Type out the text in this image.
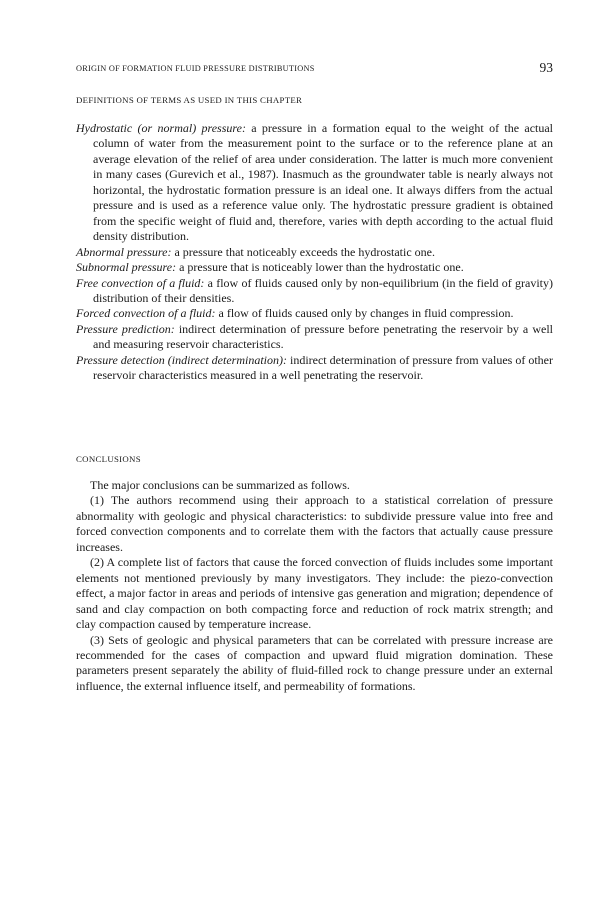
ORIGIN OF FORMATION FLUID PRESSURE DISTRIBUTIONS	93
DEFINITIONS OF TERMS AS USED IN THIS CHAPTER

Hydrostatic (or normal) pressure: a pressure in a formation equal to the weight of the actual column of water from the measurement point to the surface or to the reference plane at an average elevation of the relief of area under consideration. The latter is much more convenient in many cases (Gurevich et al., 1987). Inasmuch as the groundwater table is nearly always not horizontal, the hydrostatic formation pressure is an ideal one. It always differs from the actual pressure and is used as a reference value only. The hydrostatic pressure gradient is obtained from the specific weight of fluid and, therefore, varies with depth according to the actual fluid density distribution.

Abnormal pressure: a pressure that noticeably exceeds the hydrostatic one.

Subnormal pressure: a pressure that is noticeably lower than the hydrostatic one.

Free convection of a fluid: a flow of fluids caused only by non-equilibrium (in the field of gravity) distribution of their densities.

Forced convection of a fluid: a flow of fluids caused only by changes in fluid compression.

Pressure prediction: indirect determination of pressure before penetrating the reservoir by a well and measuring reservoir characteristics.

Pressure detection (indirect determination): indirect determination of pressure from values of other reservoir characteristics measured in a well penetrating the reservoir.

CONCLUSIONS

The major conclusions can be summarized as follows.

(1) The authors recommend using their approach to a statistical correlation of pressure abnormality with geologic and physical characteristics: to subdivide pressure value into free and forced convection components and to correlate them with the factors that actually cause pressure increases.

(2) A complete list of factors that cause the forced convection of fluids includes some important elements not mentioned previously by many investigators. They include: the piezo-convection effect, a major factor in areas and periods of intensive gas generation and migration; dependence of sand and clay compaction on both compacting force and reduction of rock matrix strength; and clay compaction caused by temperature increase.

(3) Sets of geologic and physical parameters that can be correlated with pressure increase are recommended for the cases of compaction and upward fluid migration domination. These parameters present separately the ability of fluid-filled rock to change pressure under an external influence, the external influence itself, and permeability of formations.
